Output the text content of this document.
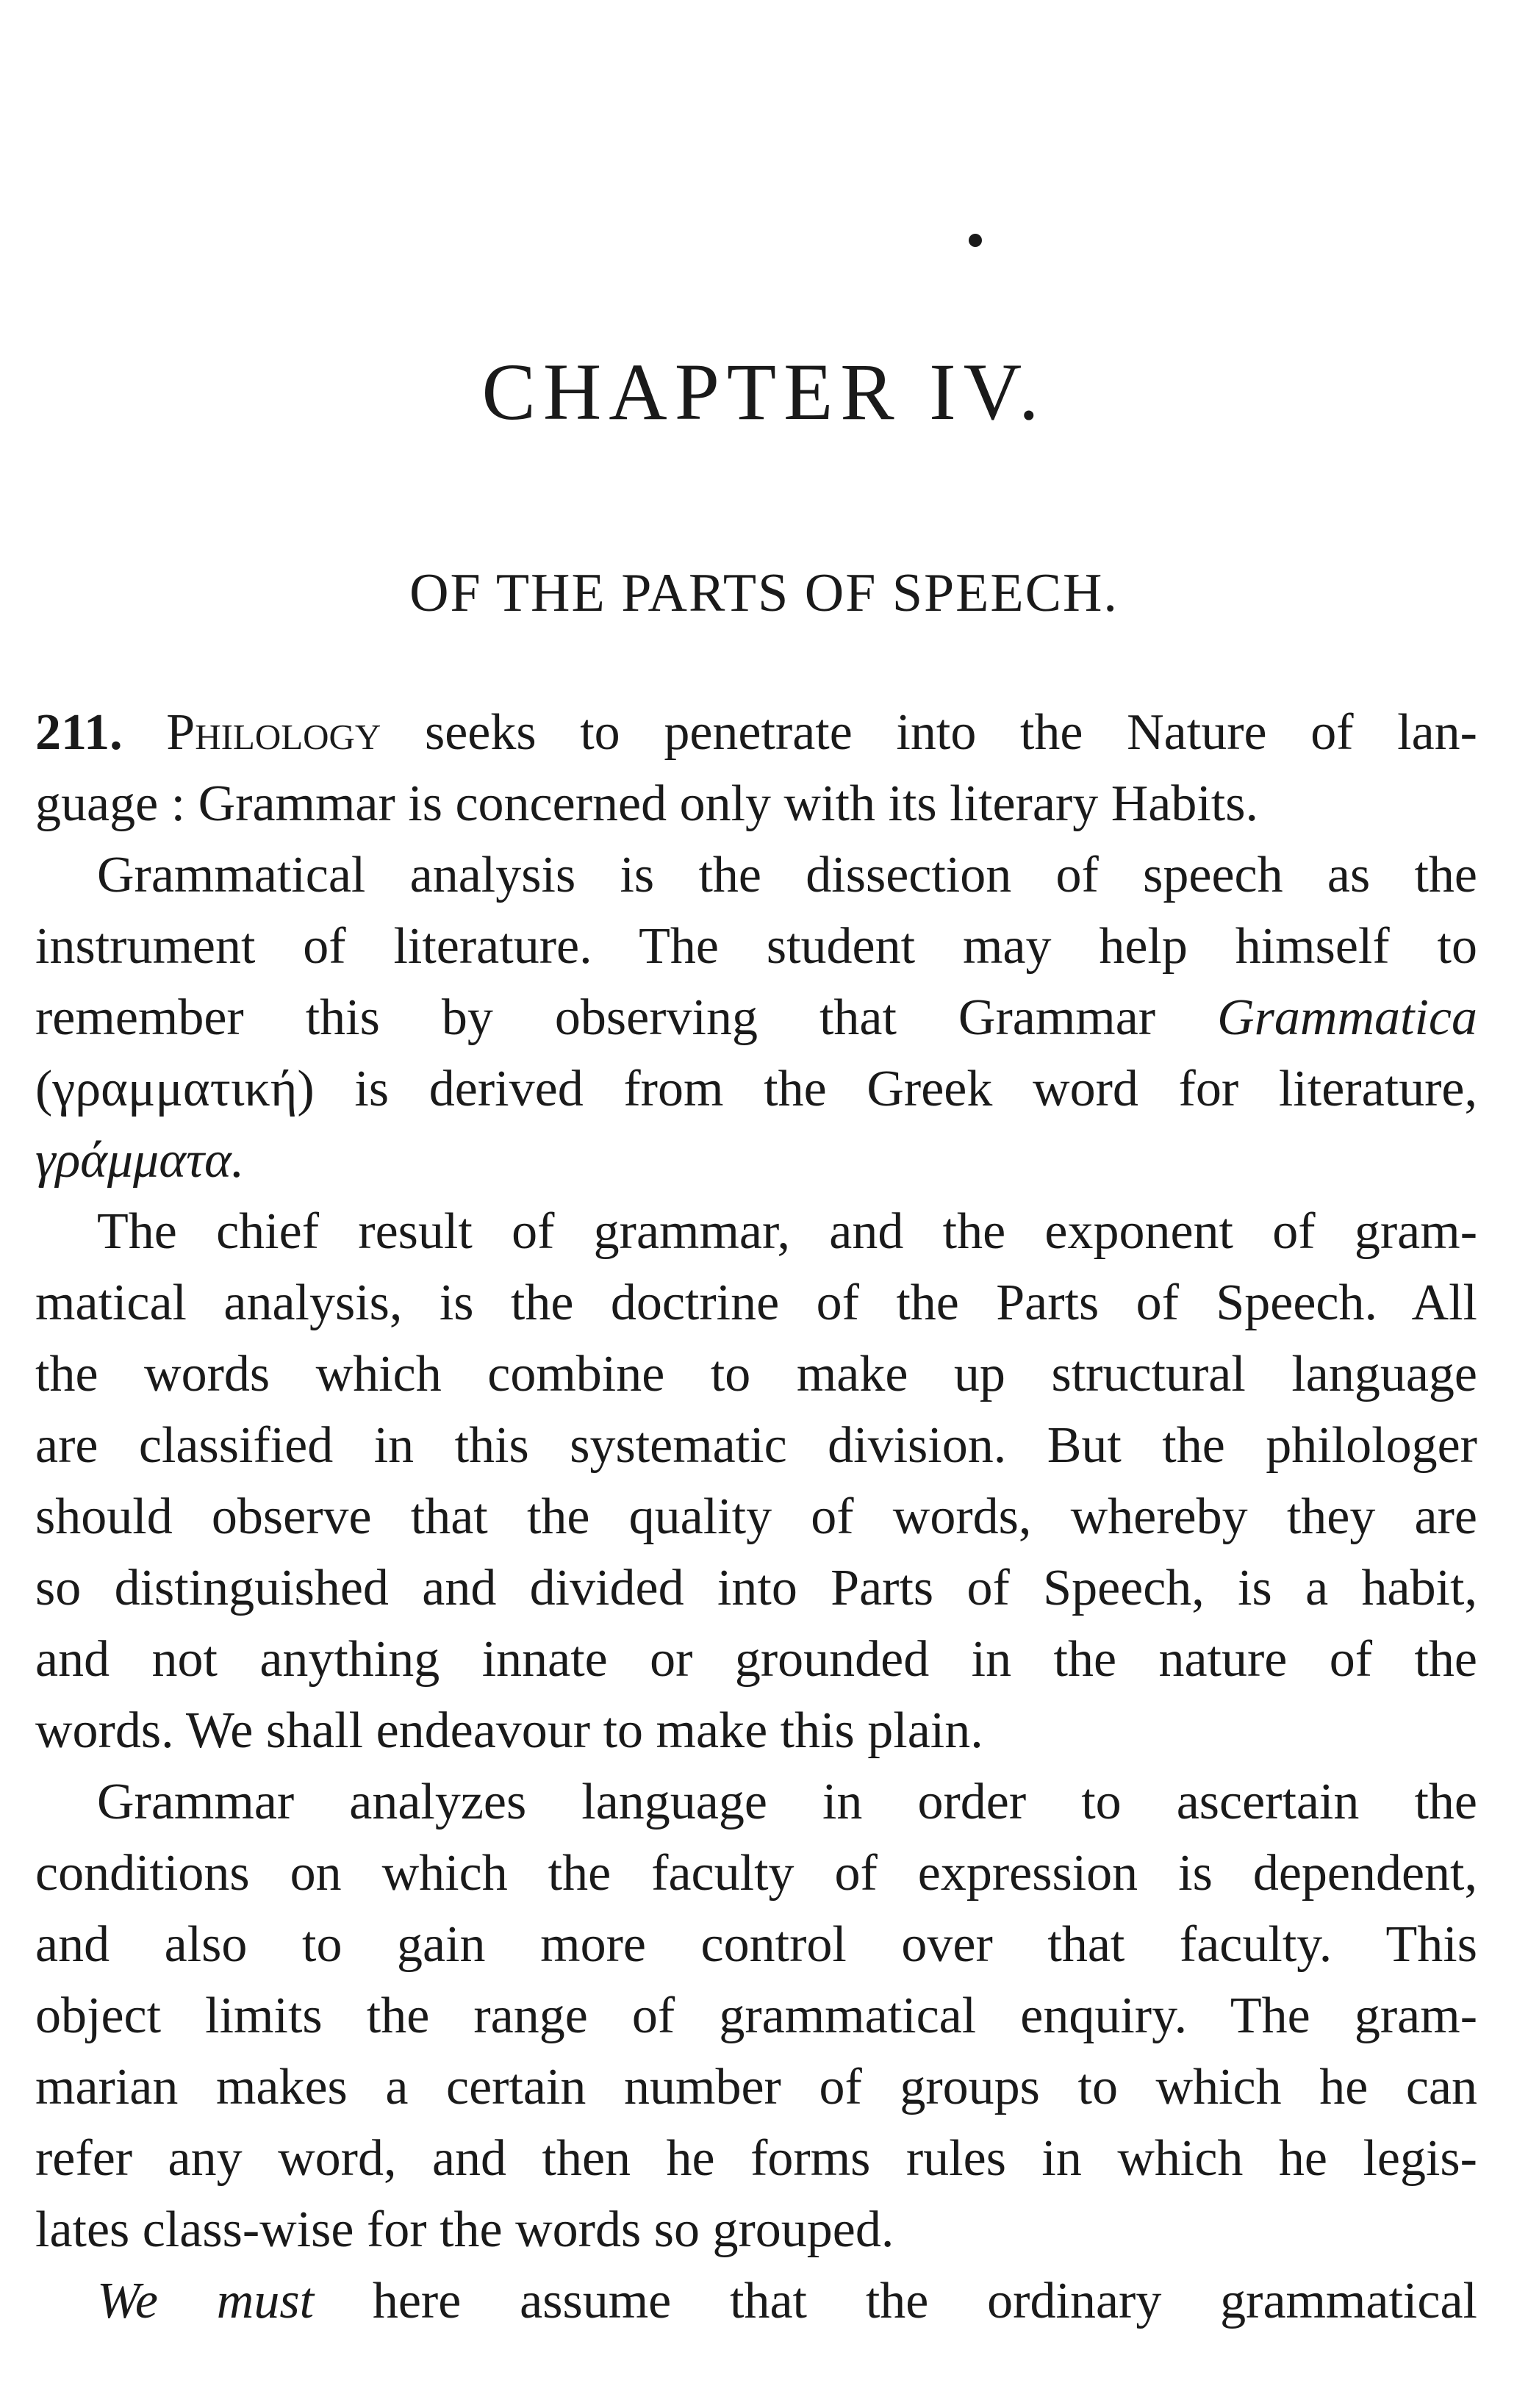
CHAPTER IV.
OF THE PARTS OF SPEECH.
211. Philology seeks to penetrate into the Nature of lan-
guage : Grammar is concerned only with its literary Habits.
Grammatical analysis is the dissection of speech as the
instrument of literature. The student may help himself to
remember this by observing that Grammar Grammatica
(γραμματική) is derived from the Greek word for literature,
γράμματα.
The chief result of grammar, and the exponent of gram-
matical analysis, is the doctrine of the Parts of Speech. All
the words which combine to make up structural language
are classified in this systematic division. But the philologer
should observe that the quality of words, whereby they are
so distinguished and divided into Parts of Speech, is a habit,
and not anything innate or grounded in the nature of the
words. We shall endeavour to make this plain.
Grammar analyzes language in order to ascertain the
conditions on which the faculty of expression is dependent,
and also to gain more control over that faculty. This
object limits the range of grammatical enquiry. The gram-
marian makes a certain number of groups to which he can
refer any word, and then he forms rules in which he legis-
lates class-wise for the words so grouped.
We must here assume that the ordinary grammatical
